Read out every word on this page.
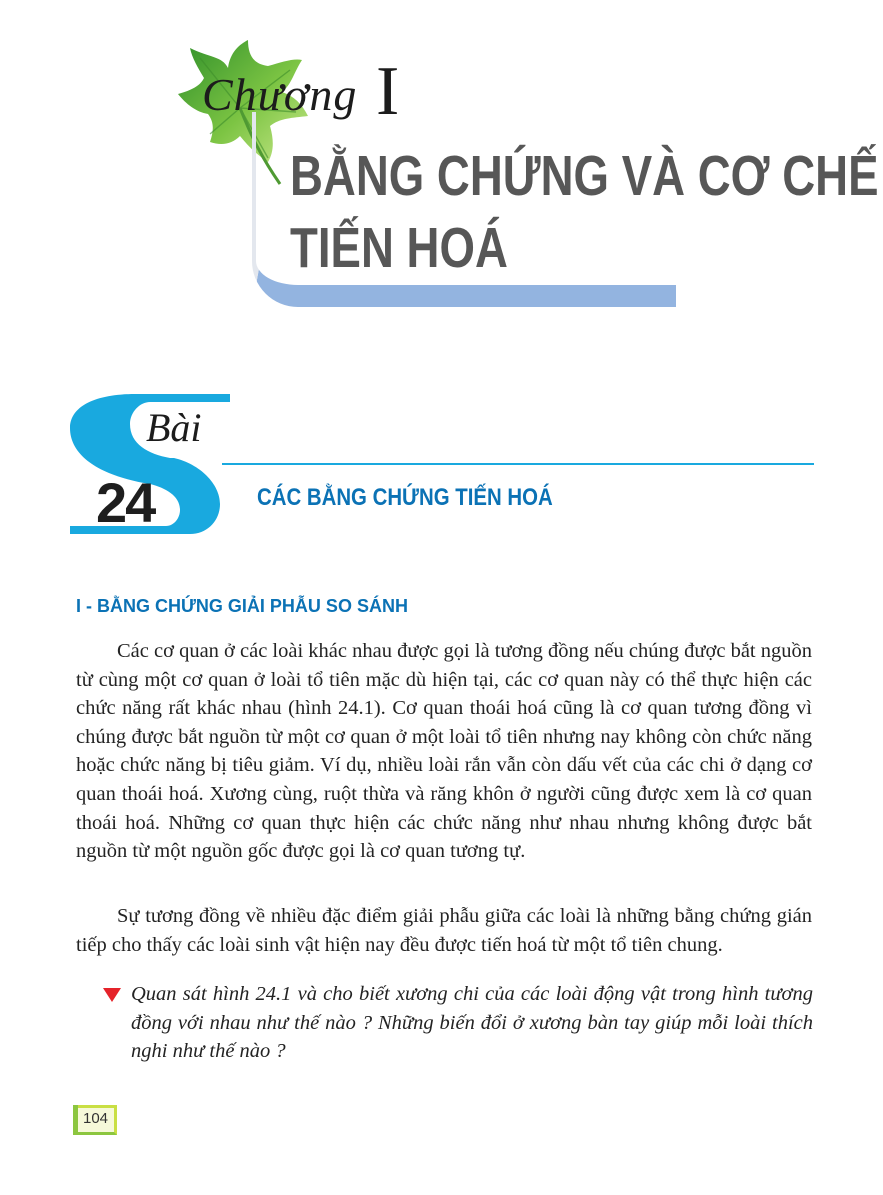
Chương I
BẰNG CHỨNG VÀ CƠ CHẾ
TIẾN HOÁ
Bài
24	CÁC BẰNG CHỨNG TIẾN HOÁ
I - BẰNG CHỨNG GIẢI PHẪU SO SÁNH

Các cơ quan ở các loài khác nhau được gọi là tương đồng nếu chúng được bắt nguồn từ cùng một cơ quan ở loài tổ tiên mặc dù hiện tại, các cơ quan này có thể thực hiện các chức năng rất khác nhau (hình 24.1). Cơ quan thoái hoá cũng là cơ quan tương đồng vì chúng được bắt nguồn từ một cơ quan ở một loài tổ tiên nhưng nay không còn chức năng hoặc chức năng bị tiêu giảm. Ví dụ, nhiều loài rắn vẫn còn dấu vết của các chi ở dạng cơ quan thoái hoá. Xương cùng, ruột thừa và răng khôn ở người cũng được xem là cơ quan thoái hoá. Những cơ quan thực hiện các chức năng như nhau nhưng không được bắt nguồn từ một nguồn gốc được gọi là cơ quan tương tự.

Sự tương đồng về nhiều đặc điểm giải phẫu giữa các loài là những bằng chứng gián tiếp cho thấy các loài sinh vật hiện nay đều được tiến hoá từ một tổ tiên chung.

Quan sát hình 24.1 và cho biết xương chi của các loài động vật trong hình tương đồng với nhau như thế nào ? Những biến đổi ở xương bàn tay giúp mỗi loài thích nghi như thế nào ?

104
